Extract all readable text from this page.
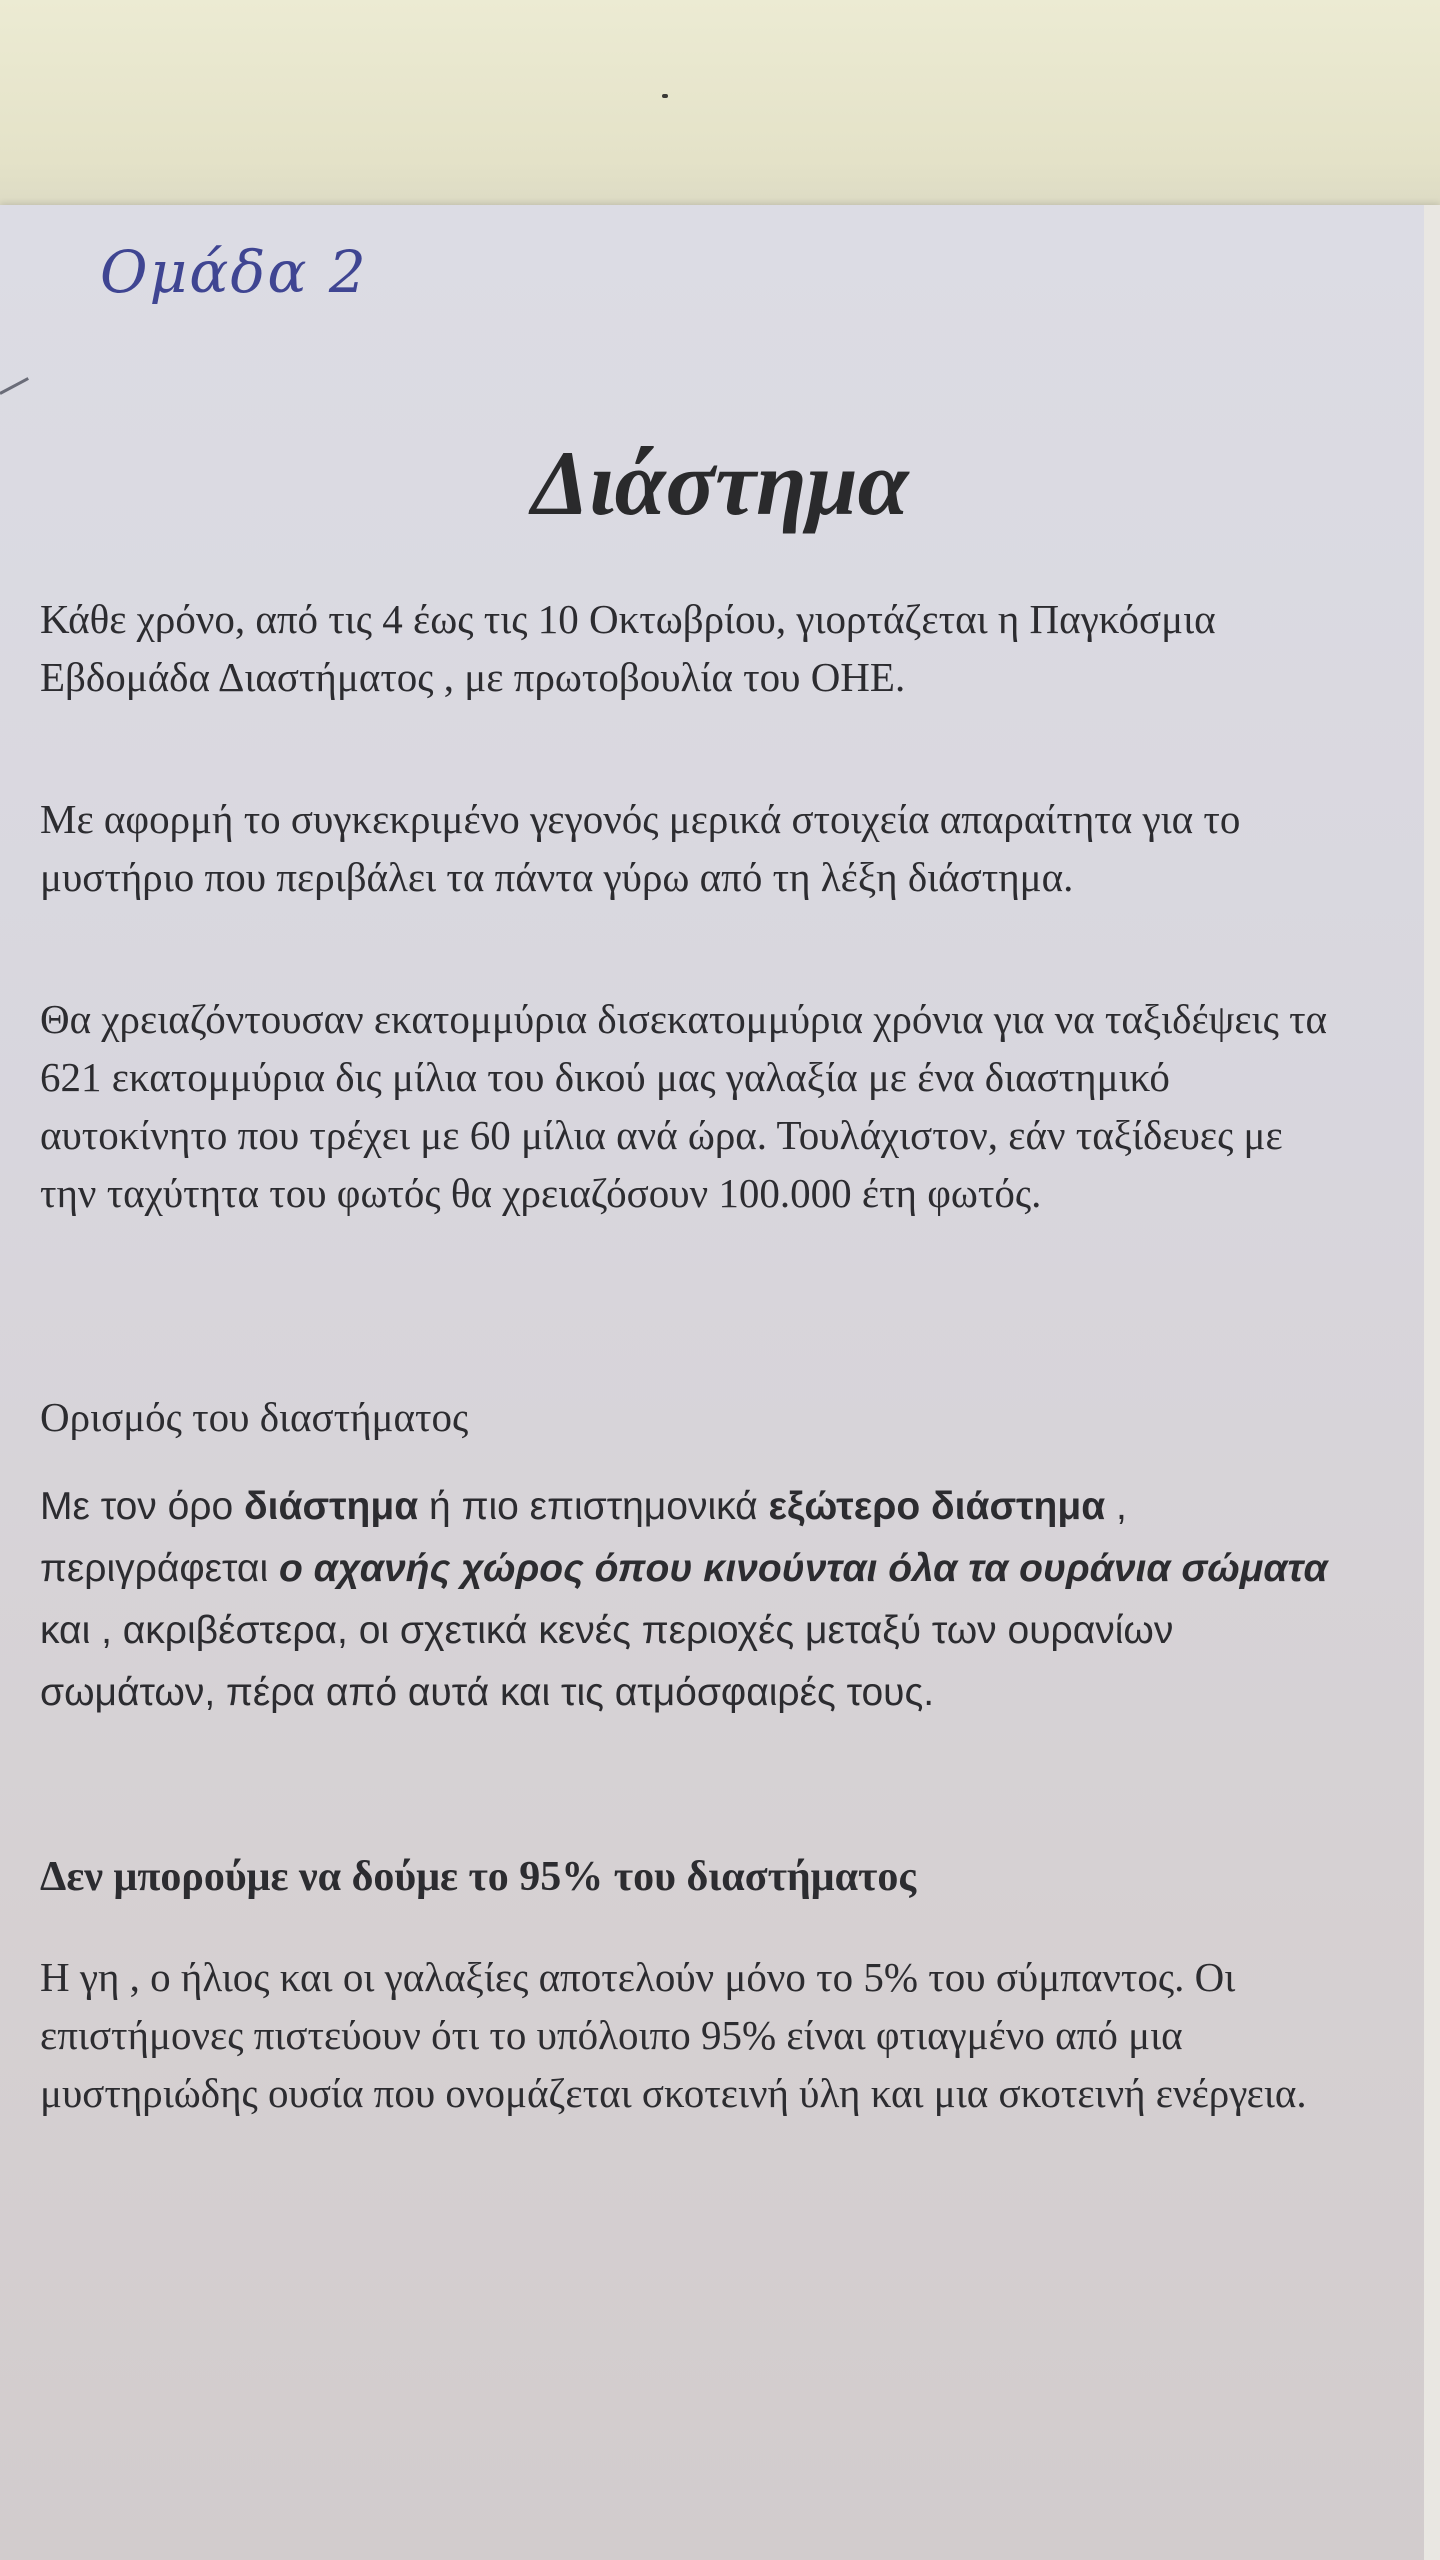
Ομάδα 2

Διάστημα

Κάθε χρόνο, από τις 4 έως τις 10 Οκτωβρίου, γιορτάζεται η Παγκόσμια Εβδομάδα Διαστήματος , με πρωτοβουλία του ΟΗΕ.

Με αφορμή το συγκεκριμένο γεγονός μερικά στοιχεία απαραίτητα για το μυστήριο που περιβάλει τα πάντα γύρω από τη λέξη διάστημα.

Θα χρειαζόντουσαν εκατομμύρια δισεκατομμύρια χρόνια για να ταξιδέψεις τα 621 εκατομμύρια δις μίλια του δικού μας γαλαξία με ένα διαστημικό αυτοκίνητο που τρέχει με 60 μίλια ανά ώρα. Τουλάχιστον, εάν ταξίδευες με την ταχύτητα του φωτός θα χρειαζόσουν 100.000 έτη φωτός.

Ορισμός του διαστήματος

Με τον όρο διάστημα ή πιο επιστημονικά εξώτερο διάστημα , περιγράφεται ο αχανής χώρος όπου κινούνται όλα τα ουράνια σώματα και , ακριβέστερα, οι σχετικά κενές περιοχές μεταξύ των ουρανίων σωμάτων, πέρα από αυτά και τις ατμόσφαιρές τους.

Δεν μπορούμε να δούμε το 95% του διαστήματος

Η γη , ο ήλιος και οι γαλαξίες αποτελούν μόνο το 5% του σύμπαντος. Οι επιστήμονες πιστεύουν ότι το υπόλοιπο 95% είναι φτιαγμένο από μια μυστηριώδης ουσία που ονομάζεται σκοτεινή ύλη και μια σκοτεινή ενέργεια.
